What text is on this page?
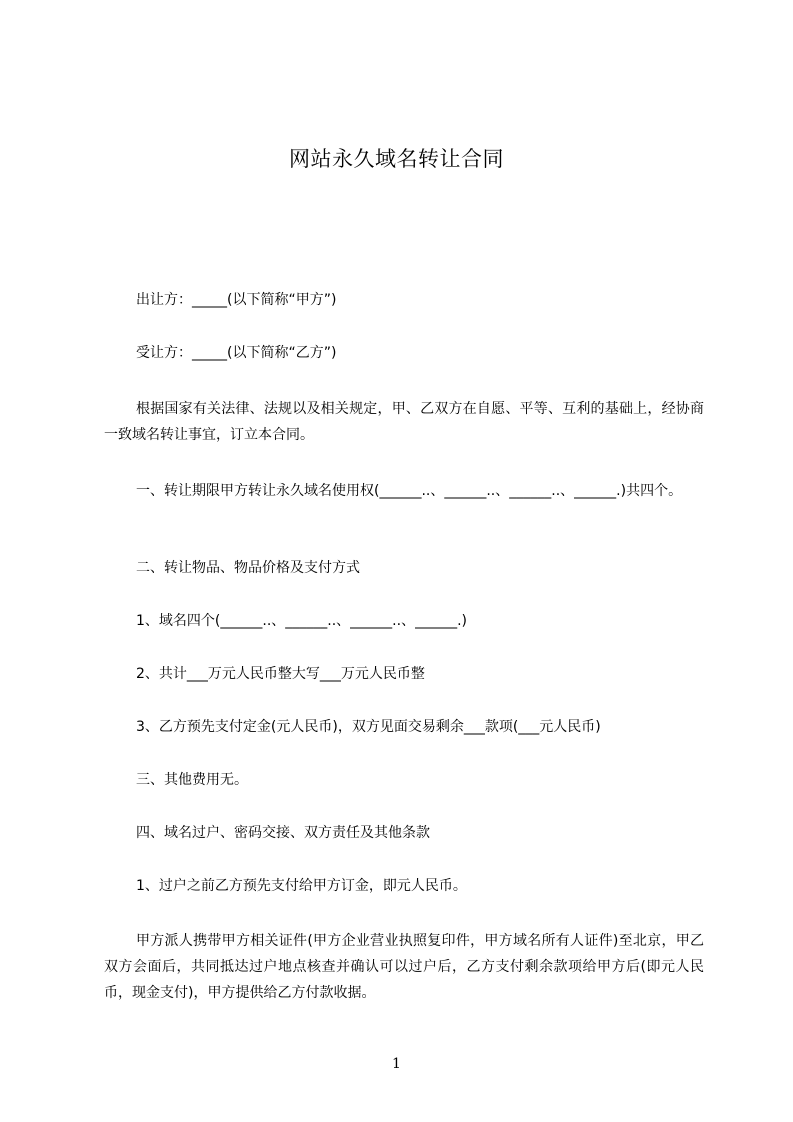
网站永久域名转让合同
出让方：_____(以下简称“甲方”)
受让方：_____(以下简称“乙方”)
根据国家有关法律、法规以及相关规定，甲、乙双方在自愿、平等、互利的基础上，经协商一致域名转让事宜，订立本合同。
一、转让期限甲方转让永久域名使用权(______..、______..、______..、______.)共四个。
二、转让物品、物品价格及支付方式
1、域名四个(______..、______..、______..、______.)
2、共计___万元人民币整大写___万元人民币整
3、乙方预先支付定金(元人民币)，双方见面交易剩余___款项(___元人民币)
三、其他费用无。
四、域名过户、密码交接、双方责任及其他条款
1、过户之前乙方预先支付给甲方订金，即元人民币。
甲方派人携带甲方相关证件(甲方企业营业执照复印件，甲方域名所有人证件)至北京，甲乙双方会面后，共同抵达过户地点核查并确认可以过户后，乙方支付剩余款项给甲方后(即元人民币，现金支付)，甲方提供给乙方付款收据。
1
